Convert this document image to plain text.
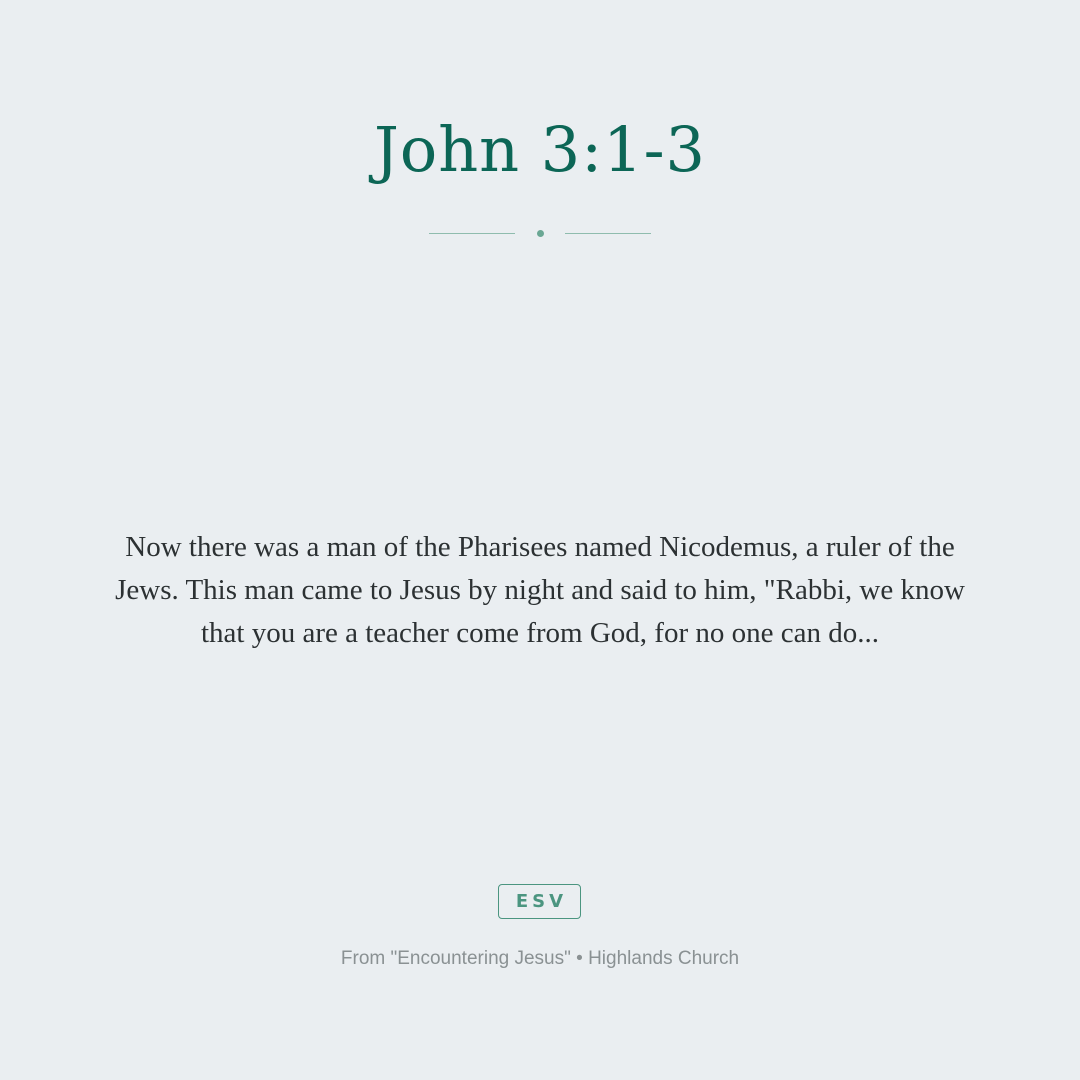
John 3:1-3
Now there was a man of the Pharisees named Nicodemus, a ruler of the Jews. This man came to Jesus by night and said to him, "Rabbi, we know that you are a teacher come from God, for no one can do...
ESV
From "Encountering Jesus" • Highlands Church
